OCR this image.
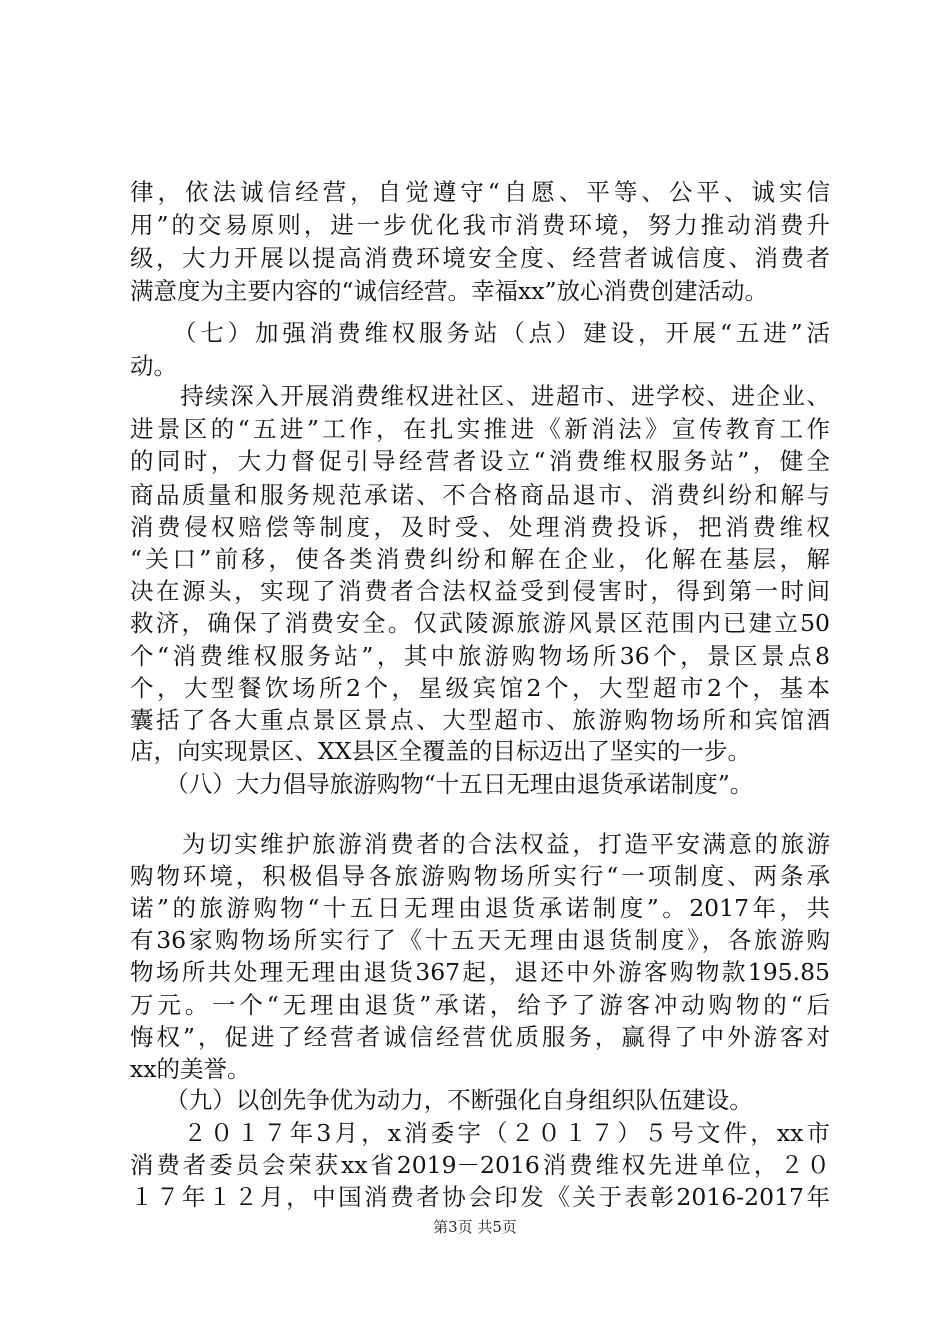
律，依法诚信经营，自觉遵守“自愿、平等、公平、诚实信
用”的交易原则，进一步优化我市消费环境，努力推动消费升
级，大力开展以提高消费环境安全度、经营者诚信度、消费者
满意度为主要内容的“诚信经营。幸福xx”放心消费创建活动。
　　（七）加强消费维权服务站（点）建设，开展“五进”活
动。
　　持续深入开展消费维权进社区、进超市、进学校、进企业、
进景区的“五进”工作，在扎实推进《新消法》宣传教育工作
的同时，大力督促引导经营者设立“消费维权服务站”，健全
商品质量和服务规范承诺、不合格商品退市、消费纠纷和解与
消费侵权赔偿等制度，及时受、处理消费投诉，把消费维权
“关口”前移，使各类消费纠纷和解在企业，化解在基层，解
决在源头，实现了消费者合法权益受到侵害时，得到第一时间
救济，确保了消费安全。仅武陵源旅游风景区范围内已建立50
个“消费维权服务站”，其中旅游购物场所36个，景区景点8
个，大型餐饮场所2个，星级宾馆2个，大型超市2个，基本
囊括了各大重点景区景点、大型超市、旅游购物场所和宾馆酒
店，向实现景区、XX县区全覆盖的目标迈出了坚实的一步。
　　（八）大力倡导旅游购物“十五日无理由退货承诺制度”。
　　为切实维护旅游消费者的合法权益，打造平安满意的旅游
购物环境，积极倡导各旅游购物场所实行“一项制度、两条承
诺”的旅游购物“十五日无理由退货承诺制度”。2017年，共
有36家购物场所实行了《十五天无理由退货制度》，各旅游购
物场所共处理无理由退货367起，退还中外游客购物款195.85
万元。一个“无理由退货”承诺，给予了游客冲动购物的“后
悔权”，促进了经营者诚信经营优质服务，赢得了中外游客对
xx的美誉。
　　（九）以创先争优为动力，不断强化自身组织队伍建设。
　　２０１７年3月，x消委字（２０１７）５号文件，xx市
消费者委员会荣获xx省2019－2016消费维权先进单位，２０
１７年１２月，中国消费者协会印发《关于表彰2016-2017年
第3页 共5页
